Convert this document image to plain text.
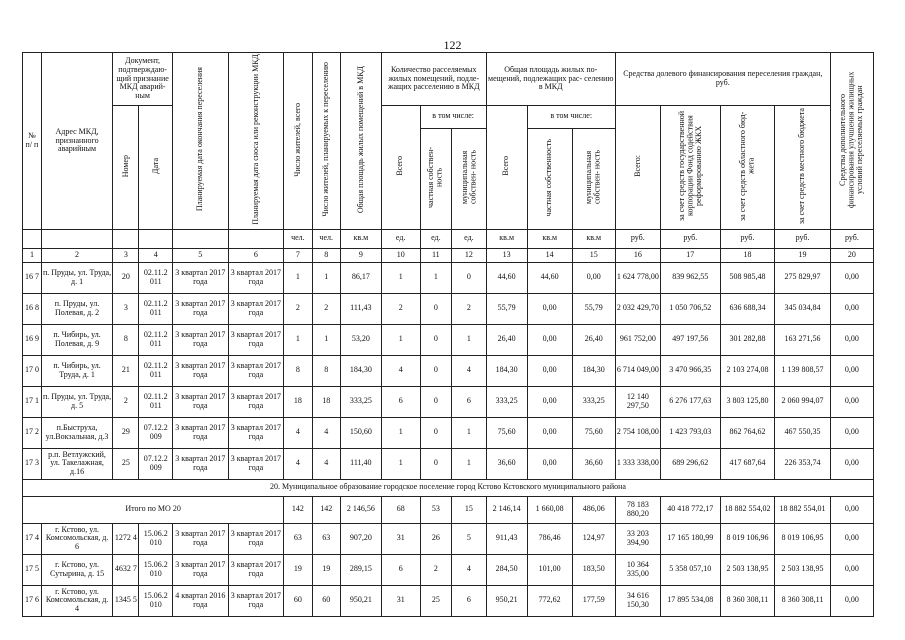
122
№ п/ п	Адрес МКД, признанного аварийным	Документ, подтверждаю- щий признание МКД аварий- ным		Планируемая дата окончания переселения	Планируемая дата сноса или реконструкции МКД	Число жителей, всего	Число жителей, планируемых к переселению	Общая площадь жилых помещений в МКД	Количество расселяемых жилых помещений, подле- жащих расселению в МКД			Общая площадь жилых по- мещений, подлежащих рас- селению в МКД			Средства долевого финансирования переселения граждан, руб.				Средства дополнительного финансирования улучшения жилищных условий переселяемых граждан
		Номер	Дата						Всего	в том числе:		Всего	в том числе:		Всего:	за счет средств государственной корпорации Фонд содействия реформированию ЖКХ	за счет средств областного бюд- жета	за счет средств местного бюджета	
										частная собствен- ность	муниципальная собствен- ность		частная собственность	муниципальная собствен- ность					
						чел.	чел.	кв.м	ед.	ед.	ед.	кв.м	кв.м	кв.м	руб.	руб.	руб.	руб.	руб.
1	2	3	4	5	6	7	8	9	10	11	12	13	14	15	16	17	18	19	20
16 7	п. Пруды, ул. Труда, д. 1	20	02.11.2 011	3 квартал 2017 года	3 квартал 2017 года	1	1	86,17	1	1	0	44,60	44,60	0,00	1 624 778,00	839 962,55	508 985,48	275 829,97	0,00
16 8	п. Пруды, ул. Полевая, д. 2	3	02.11.2 011	3 квартал 2017 года	3 квартал 2017 года	2	2	111,43	2	0	2	55,79	0,00	55,79	2 032 429,70	1 050 706,52	636 688,34	345 034,84	0,00
16 9	п. Чибирь, ул. Полевая, д. 9	8	02.11.2 011	3 квартал 2017 года	3 квартал 2017 года	1	1	53,20	1	0	1	26,40	0,00	26,40	961 752,00	497 197,56	301 282,88	163 271,56	0,00
17 0	п. Чибирь, ул. Труда, д. 1	21	02.11.2 011	3 квартал 2017 года	3 квартал 2017 года	8	8	184,30	4	0	4	184,30	0,00	184,30	6 714 049,00	3 470 966,35	2 103 274,08	1 139 808,57	0,00
17 1	п. Пруды, ул. Труда, д. 5	2	02.11.2 011	3 квартал 2017 года	3 квартал 2017 года	18	18	333,25	6	0	6	333,25	0,00	333,25	12 140 297,50	6 276 177,63	3 803 125,80	2 060 994,07	0,00
17 2	п.Быструха, ул.Вокзальная, д.3	29	07.12.2 009	3 квартал 2017 года	3 квартал 2017 года	4	4	150,60	1	0	1	75,60	0,00	75,60	2 754 108,00	1 423 793,03	862 764,62	467 550,35	0,00
17 3	р.п. Ветлужский, ул. Такелажная, д.16	25	07.12.2 009	3 квартал 2017 года	3 квартал 2017 года	4	4	111,40	1	0	1	36,60	0,00	36,60	1 333 338,00	689 296,62	417 687,64	226 353,74	0,00
20. Муниципальное образование городское поселение город Кстово Кстовского муниципального района																			
Итого по МО 20						142	142	2 146,56	68	53	15	2 146,14	1 660,08	486,06	78 183 880,20	40 418 772,17	18 882 554,02	18 882 554,01	0,00
17 4	г. Кстово, ул. Комсомольская, д. 6	1272 4	15.06.2 010	3 квартал 2017 года	3 квартал 2017 года	63	63	907,20	31	26	5	911,43	786,46	124,97	33 203 394,90	17 165 180,99	8 019 106,96	8 019 106,95	0,00
17 5	г. Кстово, ул. Сутырина, д. 15	4632 7	15.06.2 010	3 квартал 2017 года	3 квартал 2017 года	19	19	289,15	6	2	4	284,50	101,00	183,50	10 364 335,00	5 358 057,10	2 503 138,95	2 503 138,95	0,00
17 6	г. Кстово, ул. Комсомольская, д. 4	1345 5	15.06.2 010	4 квартал 2016 года	3 квартал 2017 года	60	60	950,21	31	25	6	950,21	772,62	177,59	34 616 150,30	17 895 534,08	8 360 308,11	8 360 308,11	0,00
